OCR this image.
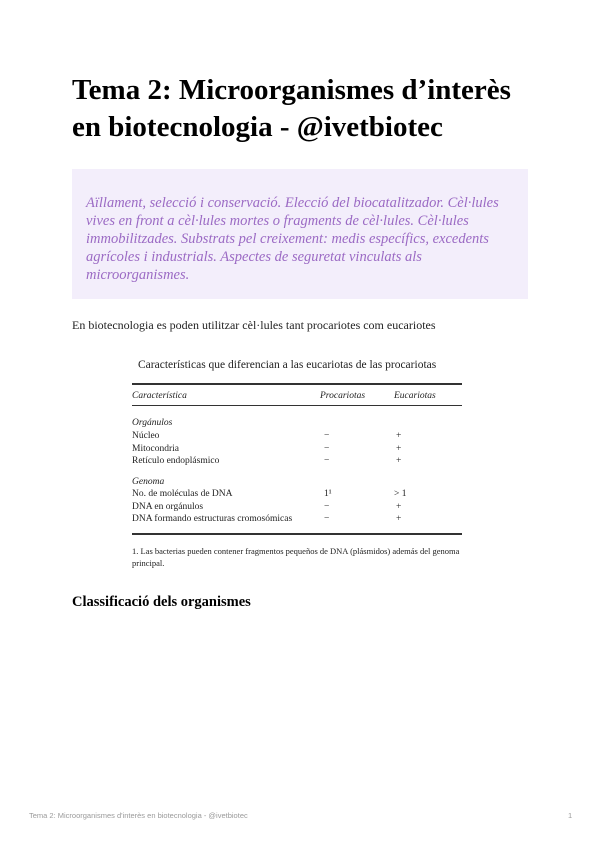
Tema 2: Microorganismes d’interès en biotecnologia - @ivetbiotec

Aïllament, selecció i conservació. Elecció del biocatalitzador. Cèl·lules vives en front a cèl·lules mortes o fragments de cèl·lules. Cèl·lules immobilitzades. Substrats pel creixement: medis específics, excedents agrícoles i industrials. Aspectes de seguretat vinculats als microorganismes.

En biotecnologia es poden utilitzar cèl·lules tant procariotes com eucariotes

Características que diferencian a las eucariotas de las procariotas
Característica	Procariotas	Eucariotas
Orgánulos
Núcleo	−	+
Mitocondria	−	+
Retículo endoplásmico	−	+
Genoma
No. de moléculas de DNA	1¹	> 1
DNA en orgánulos	−	+
DNA formando estructuras cromosómicas	−	+
1. Las bacterias pueden contener fragmentos pequeños de DNA (plásmidos) además del genoma principal.
Classificació dels organismes
Tema 2: Microorganismes d'interès en biotecnologia - @ivetbiotec	1
